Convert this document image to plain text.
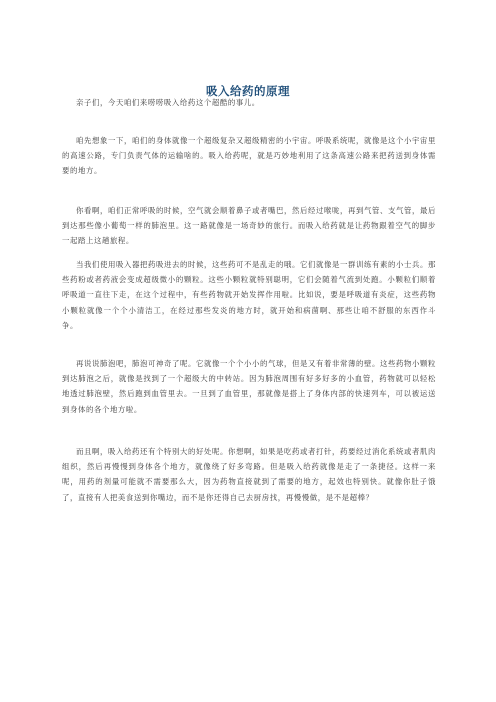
吸入给药的原理

亲子们，今天咱们来唠唠吸入给药这个超酷的事儿。

咱先想象一下，咱们的身体就像一个超级复杂又超级精密的小宇宙。呼吸系统呢，就像是这个小宇宙里的高速公路，专门负责气体的运输啥的。吸入给药呢，就是巧妙地利用了这条高速公路来把药送到身体需要的地方。

你看啊，咱们正常呼吸的时候，空气就会顺着鼻子或者嘴巴，然后经过喉咙，再到气管、支气管，最后到达那些像小葡萄一样的肺泡里。这一路就像是一场奇妙的旅行。而吸入给药就是让药物跟着空气的脚步一起踏上这趟旅程。

当我们使用吸入器把药吸进去的时候，这些药可不是乱走的哦。它们就像是一群训练有素的小士兵。那些药粉或者药液会变成超级微小的颗粒。这些小颗粒就特别聪明，它们会随着气流到处跑。小颗粒们顺着呼吸道一直往下走，在这个过程中，有些药物就开始发挥作用啦。比如说，要是呼吸道有炎症，这些药物小颗粒就像一个个小清洁工，在经过那些发炎的地方时，就开始和病菌啊、那些让咱不舒服的东西作斗争。

再说说肺泡吧，肺泡可神奇了呢。它就像一个个小小的气球，但是又有着非常薄的壁。这些药物小颗粒到达肺泡之后，就像是找到了一个超级大的中转站。因为肺泡周围有好多好多的小血管，药物就可以轻松地透过肺泡壁，然后跑到血管里去。一旦到了血管里，那就像是搭上了身体内部的快速列车，可以被运送到身体的各个地方啦。

而且啊，吸入给药还有个特别大的好处呢。你想啊，如果是吃药或者打针，药要经过消化系统或者肌肉组织，然后再慢慢到身体各个地方，就像绕了好多弯路。但是吸入给药就像是走了一条捷径。这样一来呢，用药的剂量可能就不需要那么大，因为药物直接就到了需要的地方，起效也特别快。就像你肚子饿了，直接有人把美食送到你嘴边，而不是你还得自己去厨房找，再慢慢做，是不是超棒？
